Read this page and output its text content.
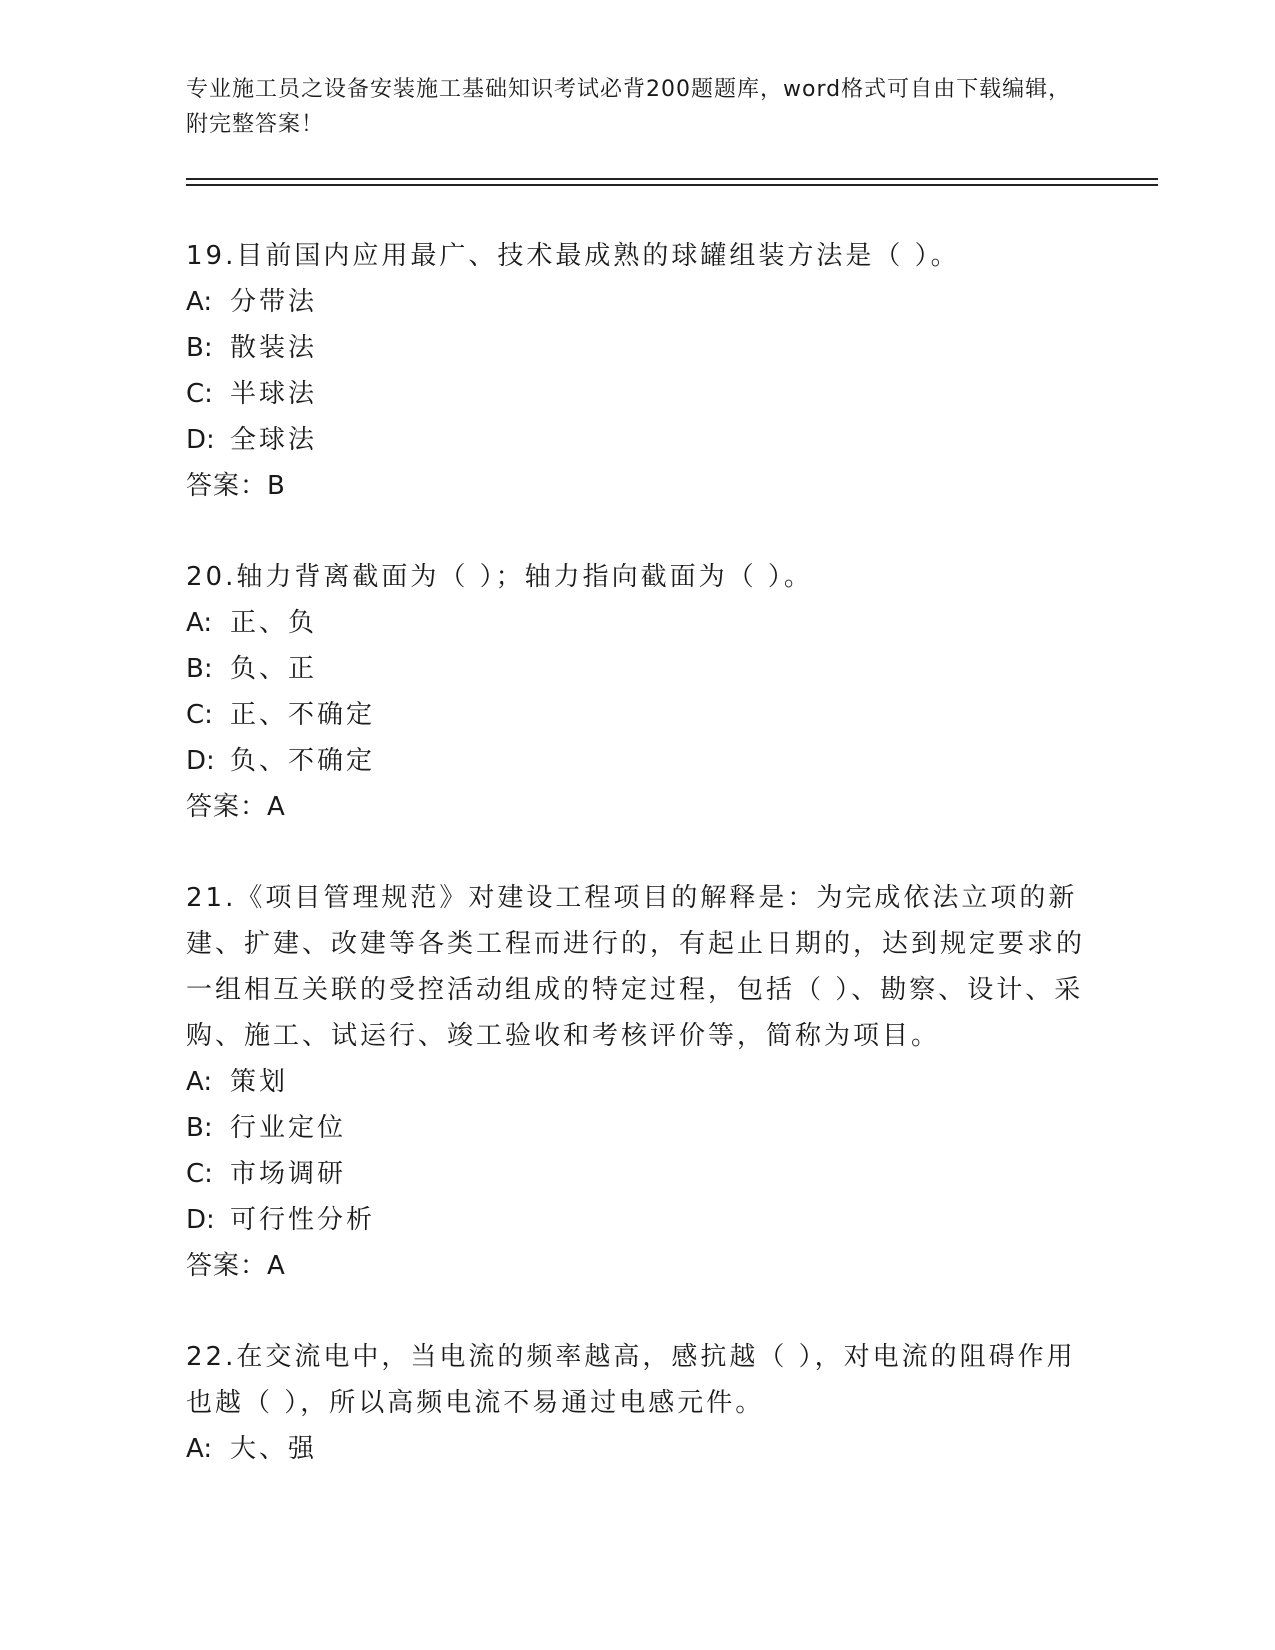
专业施工员之设备安装施工基础知识考试必背200题题库，word格式可自由下载编辑，附完整答案！
19.目前国内应用最广、技术最成熟的球罐组装方法是（ ）。
A: 分带法
B: 散装法
C: 半球法
D: 全球法
答案：B
20.轴力背离截面为（ ）；轴力指向截面为（ ）。
A: 正、负
B: 负、正
C: 正、不确定
D: 负、不确定
答案：A
21.《项目管理规范》对建设工程项目的解释是：为完成依法立项的新建、扩建、改建等各类工程而进行的，有起止日期的，达到规定要求的一组相互关联的受控活动组成的特定过程，包括（ ）、勘察、设计、采购、施工、试运行、竣工验收和考核评价等，简称为项目。
A: 策划
B: 行业定位
C: 市场调研
D: 可行性分析
答案：A
22.在交流电中，当电流的频率越高，感抗越（ ），对电流的阻碍作用也越（ ），所以高频电流不易通过电感元件。
A: 大、强
